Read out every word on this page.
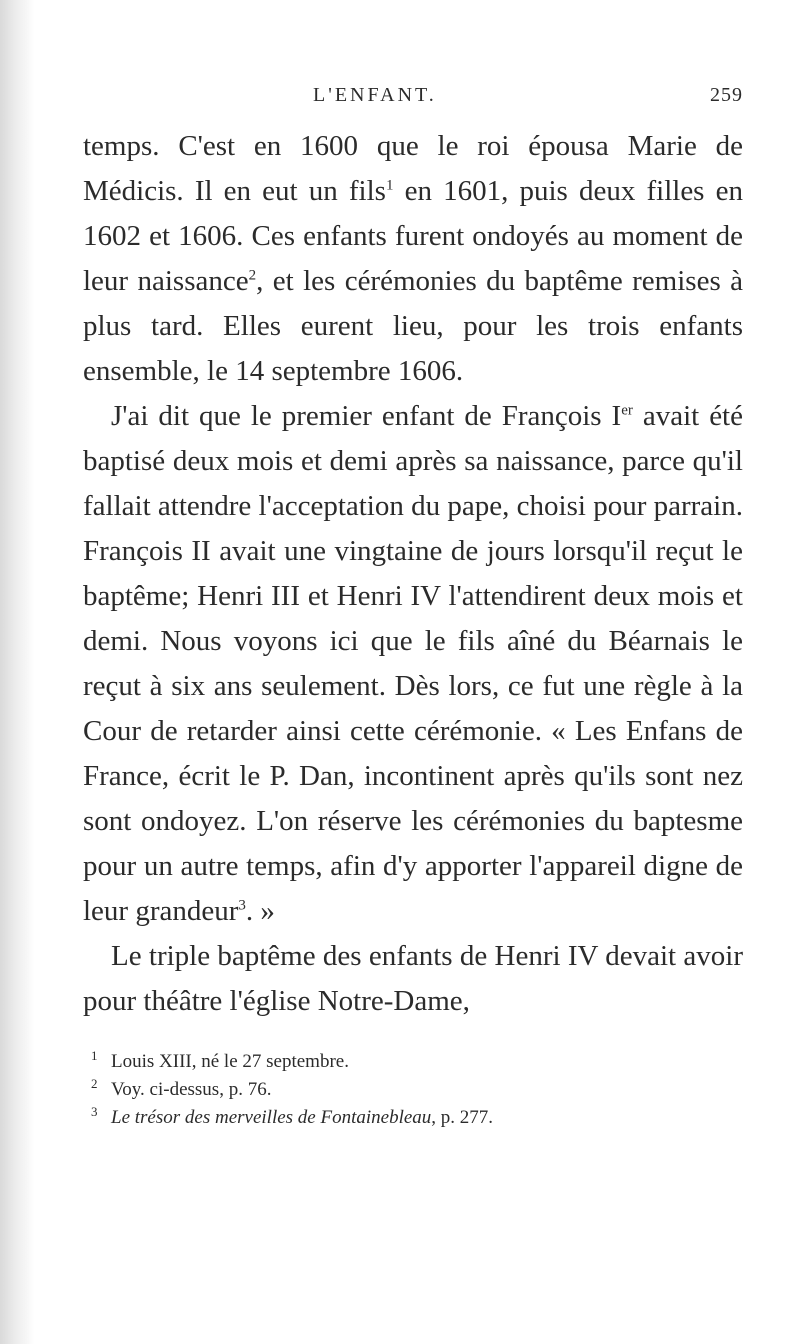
L'ENFANT.	259

temps. C'est en 1600 que le roi épousa Marie de Médicis. Il en eut un fils$^1$ en 1601, puis deux filles en 1602 et 1606. Ces enfants furent ondoyés au moment de leur naissance$^2$, et les cérémonies du baptême remises à plus tard. Elles eurent lieu, pour les trois enfants ensemble, le 14 septembre 1606.

J'ai dit que le premier enfant de François Ier avait été baptisé deux mois et demi après sa naissance, parce qu'il fallait attendre l'acceptation du pape, choisi pour parrain. François II avait une vingtaine de jours lorsqu'il reçut le baptême; Henri III et Henri IV l'attendirent deux mois et demi. Nous voyons ici que le fils aîné du Béarnais le reçut à six ans seulement. Dès lors, ce fut une règle à la Cour de retarder ainsi cette cérémonie. « Les Enfans de France, écrit le P. Dan, incontinent après qu'ils sont nez sont ondoyez. L'on réserve les cérémonies du baptesme pour un autre temps, afin d'y apporter l'appareil digne de leur grandeur$^3$. »

Le triple baptême des enfants de Henri IV devait avoir pour théâtre l'église Notre-Dame,

1 Louis XIII, né le 27 septembre.
2 Voy. ci-dessus, p. 76.
3 Le trésor des merveilles de Fontainebleau, p. 277.
